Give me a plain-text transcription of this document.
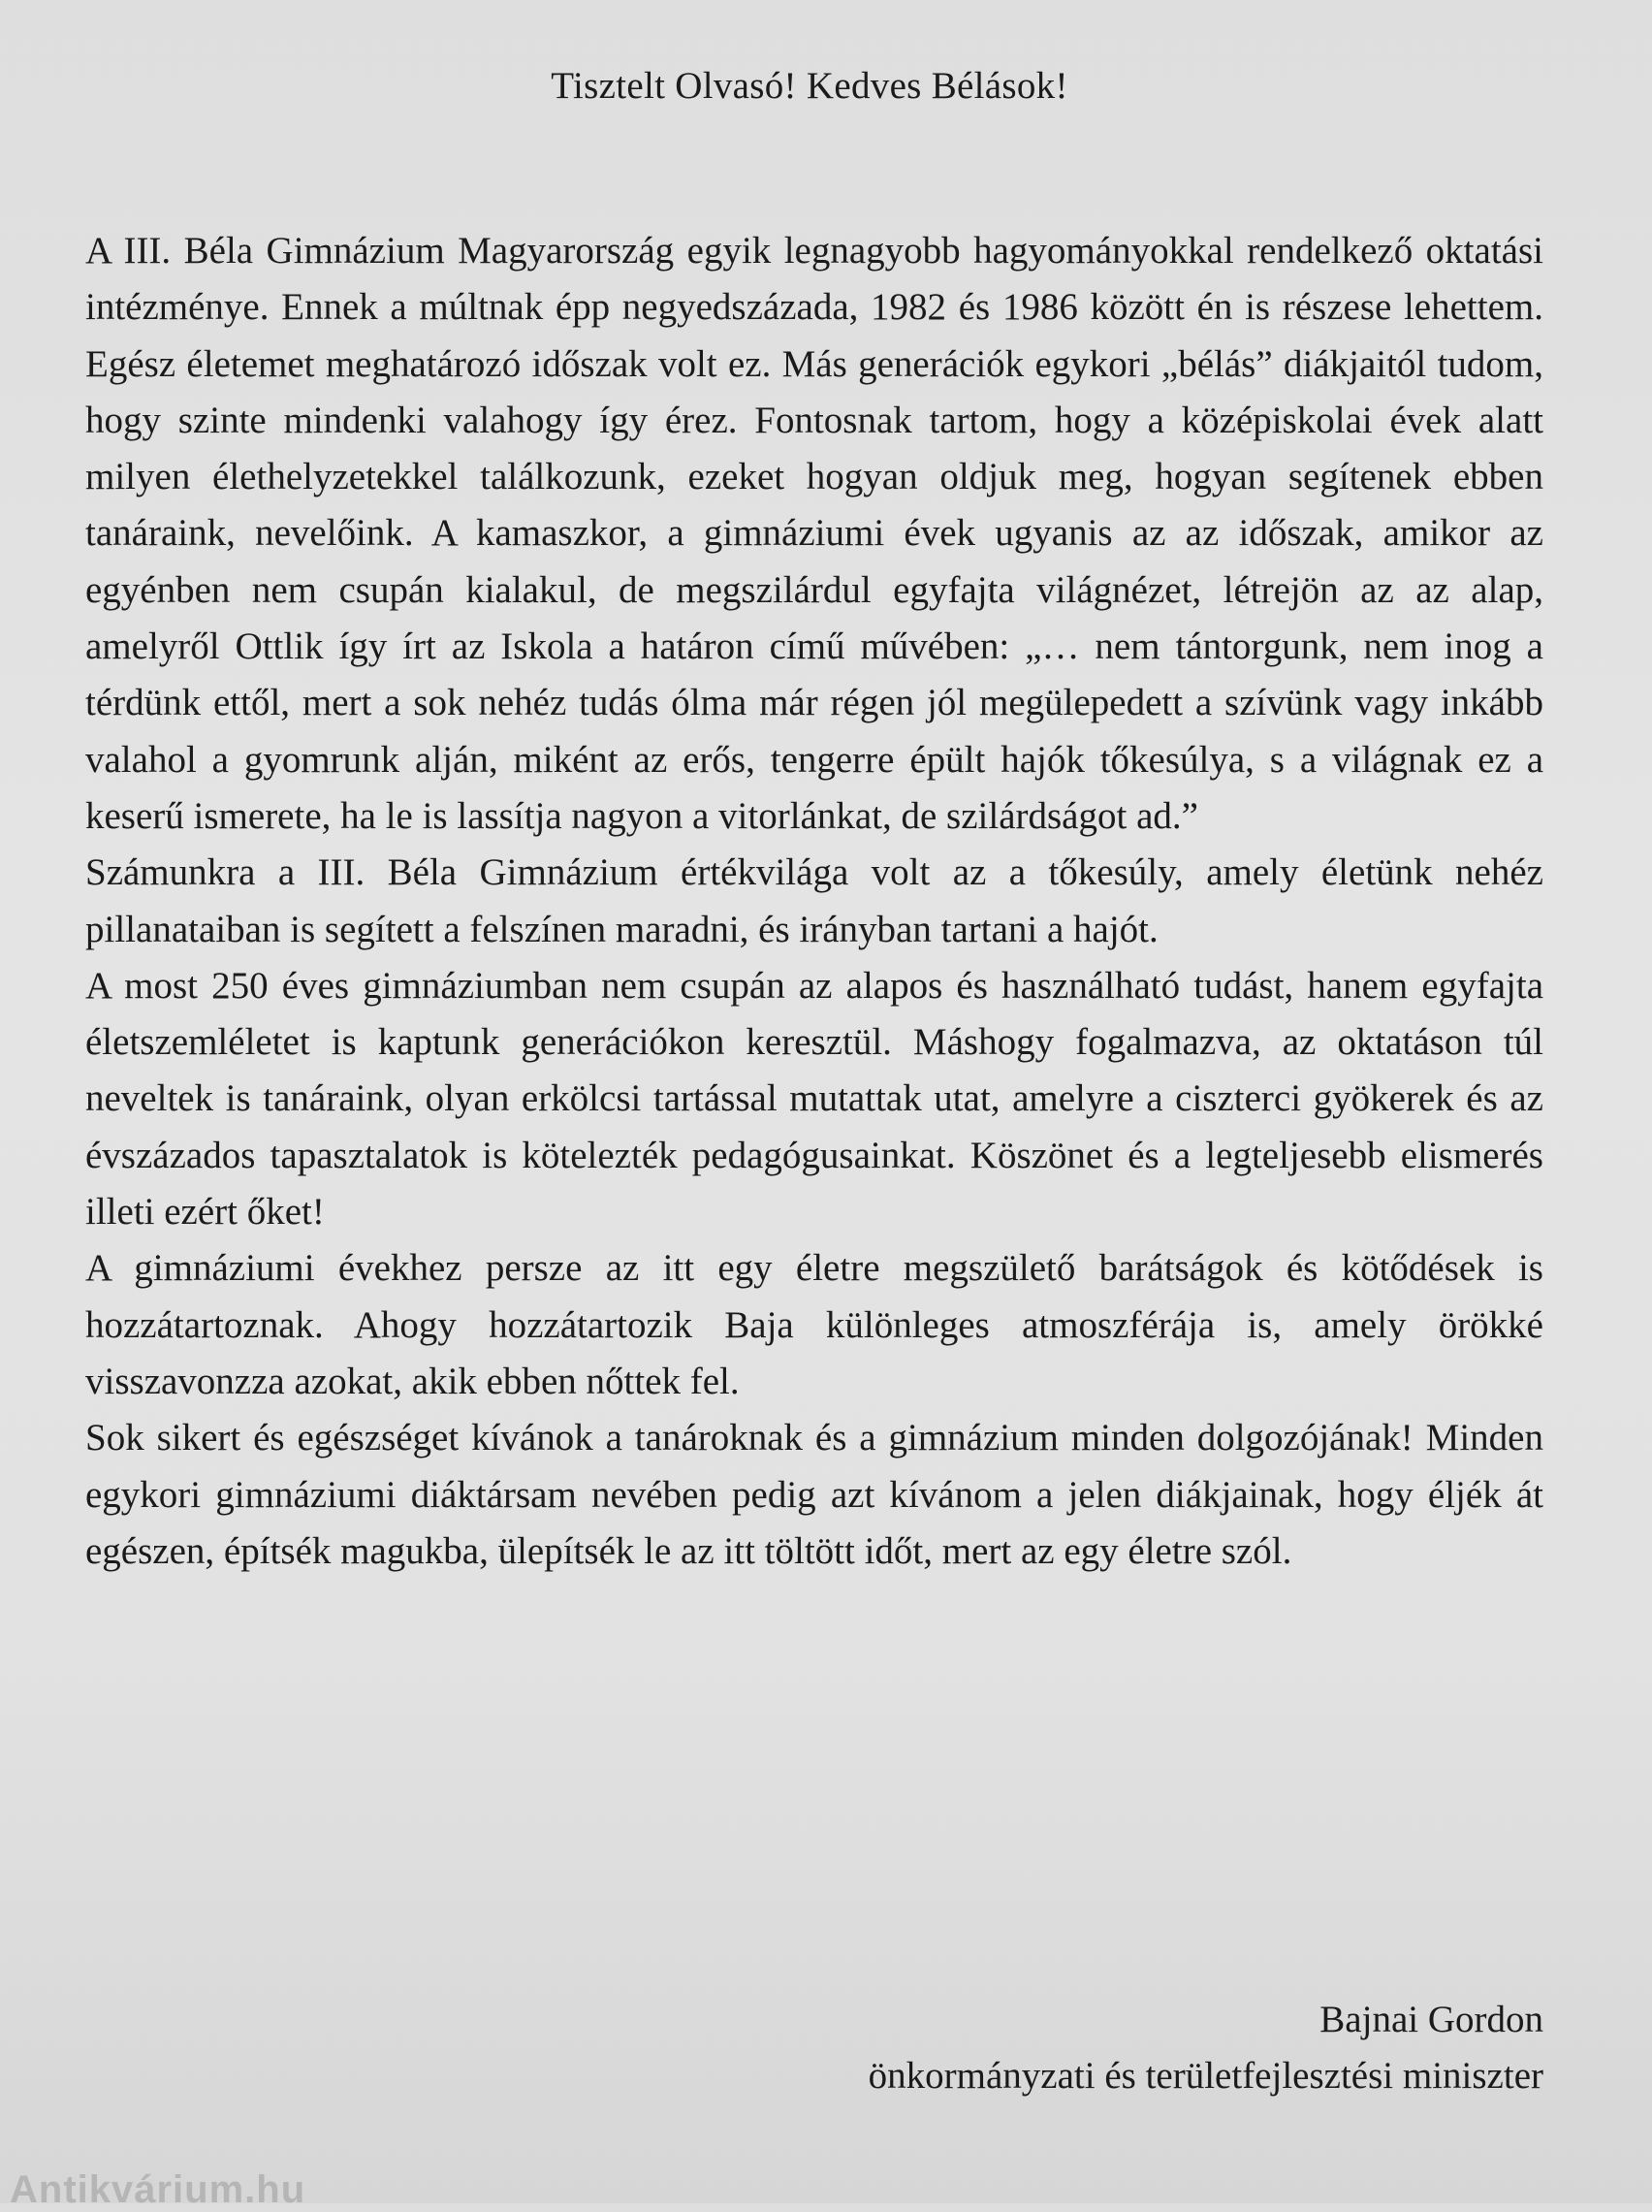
Tisztelt Olvasó! Kedves Bélások!

A III. Béla Gimnázium Magyarország egyik legnagyobb hagyományokkal rendelkező oktatási intézménye. Ennek a múltnak épp negyedszázada, 1982 és 1986 között én is részese lehettem. Egész életemet meghatározó időszak volt ez. Más generációk egykori „bélás” diákjaitól tudom, hogy szinte mindenki valahogy így érez. Fontosnak tartom, hogy a középiskolai évek alatt milyen élethelyzetekkel találkozunk, ezeket hogyan oldjuk meg, hogyan segítenek ebben tanáraink, nevelőink. A kamaszkor, a gimnáziumi évek ugyanis az az időszak, amikor az egyénben nem csupán kialakul, de megszilárdul egyfajta világnézet, létrejön az az alap, amelyről Ottlik így írt az Iskola a határon című művében: „… nem tántorgunk, nem inog a térdünk ettől, mert a sok nehéz tudás ólma már régen jól megülepedett a szívünk vagy inkább valahol a gyomrunk alján, miként az erős, tengerre épült hajók tőkesúlya, s a világnak ez a keserű ismerete, ha le is lassítja nagyon a vitorlánkat, de szilárdságot ad.”

Számunkra a III. Béla Gimnázium értékvilága volt az a tőkesúly, amely életünk nehéz pillanataiban is segített a felszínen maradni, és irányban tartani a hajót.

A most 250 éves gimnáziumban nem csupán az alapos és használható tudást, hanem egyfajta életszemléletet is kaptunk generációkon keresztül. Máshogy fogalmazva, az oktatáson túl neveltek is tanáraink, olyan erkölcsi tartással mutattak utat, amelyre a ciszterci gyökerek és az évszázados tapasztalatok is kötelezték pedagógusainkat. Köszönet és a legteljesebb elismerés illeti ezért őket!

A gimnáziumi évekhez persze az itt egy életre megszülető barátságok és kötődések is hozzátartoznak. Ahogy hozzátartozik Baja különleges atmoszférája is, amely örökké visszavonzza azokat, akik ebben nőttek fel.

Sok sikert és egészséget kívánok a tanároknak és a gimnázium minden dolgozójának! Minden egykori gimnáziumi diáktársam nevében pedig azt kívánom a jelen diákjainak, hogy éljék át egészen, építsék magukba, ülepítsék le az itt töltött időt, mert az egy életre szól.

Bajnai Gordon
önkormányzati és területfejlesztési miniszter
Antikvárium.hu
